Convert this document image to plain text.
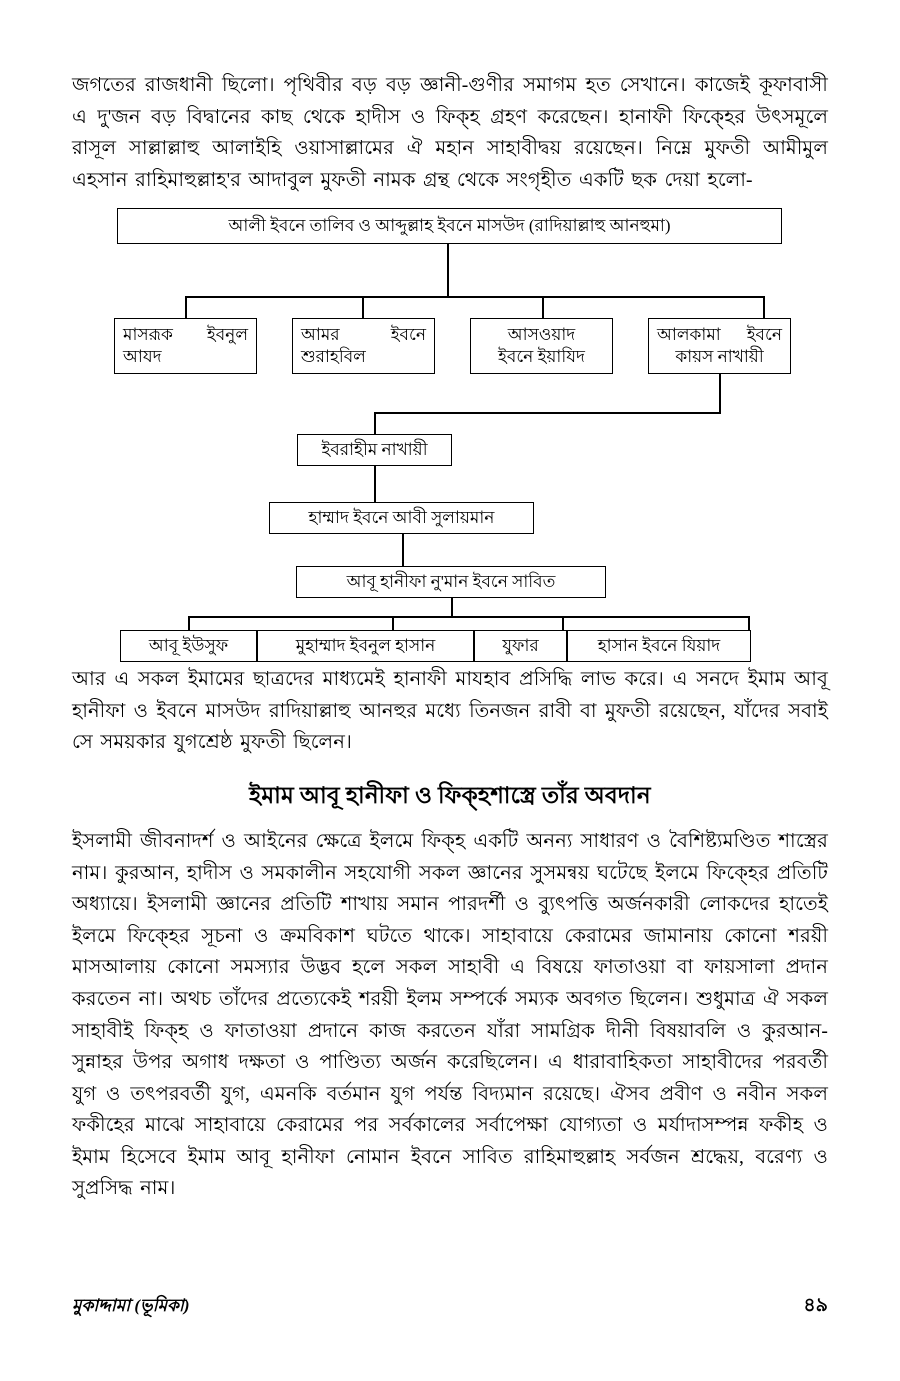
জগতের রাজধানী ছিলো। পৃথিবীর বড় বড় জ্ঞানী-গুণীর সমাগম হত সেখানে। কাজেই কূফাবাসী এ দু'জন বড় বিদ্বানের কাছ থেকে হাদীস ও ফিক্হ গ্রহণ করেছেন। হানাফী ফিক্হের উৎসমূলে রাসূল সাল্লাল্লাহু আলাইহি ওয়াসাল্লামের ঐ মহান সাহাবীদ্বয় রয়েছেন। নিম্নে মুফতী আমীমুল এহসান রাহিমাহুল্লাহ'র আদাবুল মুফতী নামক গ্রন্থ থেকে সংগৃহীত একটি ছক দেয়া হলো-

আলী ইবনে তালিব ও আব্দুল্লাহ ইবনে মাসউদ (রাদিয়াল্লাহু আনহুমা)
মাসরূক ইবনুল
আযদ
আমর ইবনে
শুরাহবিল
আসওয়াদ
ইবনে ইয়াযিদ
আলকামা ইবনে
কায়স নাখায়ী
ইবরাহীম নাখায়ী
হাম্মাদ ইবনে আবী সুলায়মান
আবূ হানীফা নু'মান ইবনে সাবিত
আবূ ইউসুফ	মুহাম্মাদ ইবনুল হাসান	যুফার	হাসান ইবনে যিয়াদ

আর এ সকল ইমামের ছাত্রদের মাধ্যমেই হানাফী মাযহাব প্রসিদ্ধি লাভ করে। এ সনদে ইমাম আবূ হানীফা ও ইবনে মাসউদ রাদিয়াল্লাহু আনহুর মধ্যে তিনজন রাবী বা মুফতী রয়েছেন, যাঁদের সবাই সে সময়কার যুগশ্রেষ্ঠ মুফতী ছিলেন।

ইমাম আবূ হানীফা ও ফিক্হশাস্ত্রে তাঁর অবদান

ইসলামী জীবনাদর্শ ও আইনের ক্ষেত্রে ইলমে ফিক্হ একটি অনন্য সাধারণ ও বৈশিষ্ট্যমণ্ডিত শাস্ত্রের নাম। কুরআন, হাদীস ও সমকালীন সহযোগী সকল জ্ঞানের সুসমন্বয় ঘটেছে ইলমে ফিক্হের প্রতিটি অধ্যায়ে। ইসলামী জ্ঞানের প্রতিটি শাখায় সমান পারদর্শী ও ব্যুৎপত্তি অর্জনকারী লোকদের হাতেই ইলমে ফিক্হের সূচনা ও ক্রমবিকাশ ঘটতে থাকে। সাহাবায়ে কেরামের জামানায় কোনো শরয়ী মাসআলায় কোনো সমস্যার উদ্ভব হলে সকল সাহাবী এ বিষয়ে ফাতাওয়া বা ফায়সালা প্রদান করতেন না। অথচ তাঁদের প্রত্যেকেই শরয়ী ইলম সম্পর্কে সম্যক অবগত ছিলেন। শুধুমাত্র ঐ সকল সাহাবীই ফিক্হ ও ফাতাওয়া প্রদানে কাজ করতেন যাঁরা সামগ্রিক দীনী বিষয়াবলি ও কুরআন-সুন্নাহর উপর অগাধ দক্ষতা ও পাণ্ডিত্য অর্জন করেছিলেন। এ ধারাবাহিকতা সাহাবীদের পরবর্তী যুগ ও তৎপরবর্তী যুগ, এমনকি বর্তমান যুগ পর্যন্ত বিদ্যমান রয়েছে। ঐসব প্রবীণ ও নবীন সকল ফকীহের মাঝে সাহাবায়ে কেরামের পর সর্বকালের সর্বাপেক্ষা যোগ্যতা ও মর্যাদাসম্পন্ন ফকীহ ও ইমাম হিসেবে ইমাম আবূ হানীফা নোমান ইবনে সাবিত রাহিমাহুল্লাহ সর্বজন শ্রদ্ধেয়, বরেণ্য ও সুপ্রসিদ্ধ নাম।

মুকাদ্দামা (ভূমিকা)	৪৯
